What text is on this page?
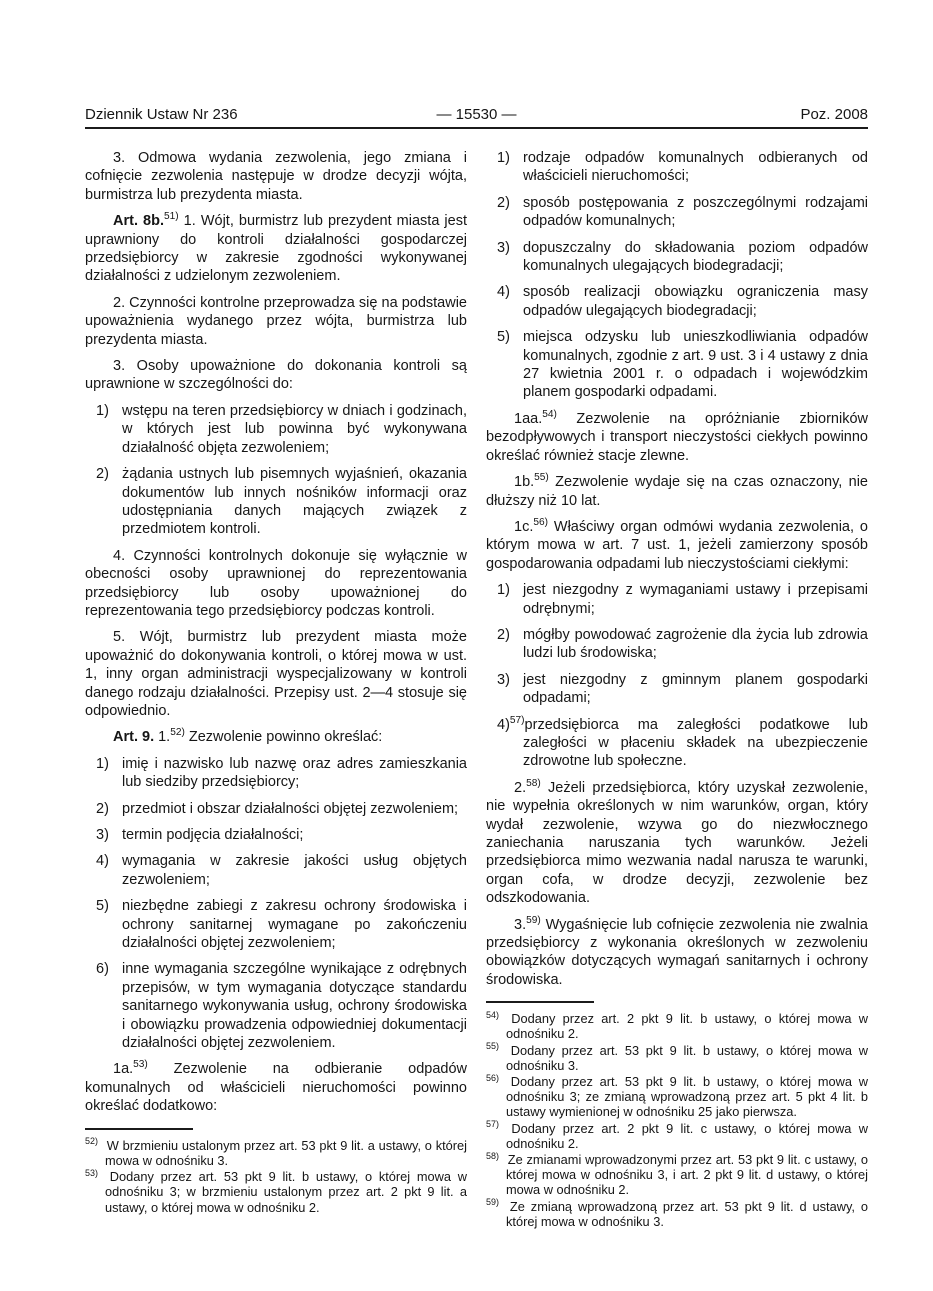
Dziennik Ustaw Nr 236	— 15530 —	Poz. 2008

3. Odmowa wydania zezwolenia, jego zmiana i cofnięcie zezwolenia następuje w drodze decyzji wójta, burmistrza lub prezydenta miasta.

Art. 8b.$^{51)}$ 1. Wójt, burmistrz lub prezydent miasta jest uprawniony do kontroli działalności gospodarczej przedsiębiorcy w zakresie zgodności wykonywanej działalności z udzielonym zezwoleniem.

2. Czynności kontrolne przeprowadza się na podstawie upoważnienia wydanego przez wójta, burmistrza lub prezydenta miasta.

3. Osoby upoważnione do dokonania kontroli są uprawnione w szczególności do:

1) wstępu na teren przedsiębiorcy w dniach i godzinach, w których jest lub powinna być wykonywana działalność objęta zezwoleniem;
2) żądania ustnych lub pisemnych wyjaśnień, okazania dokumentów lub innych nośników informacji oraz udostępniania danych mających związek z przedmiotem kontroli.

4. Czynności kontrolnych dokonuje się wyłącznie w obecności osoby uprawnionej do reprezentowania przedsiębiorcy lub osoby upoważnionej do reprezentowania tego przedsiębiorcy podczas kontroli.

5. Wójt, burmistrz lub prezydent miasta może upoważnić do dokonywania kontroli, o której mowa w ust. 1, inny organ administracji wyspecjalizowany w kontroli danego rodzaju działalności. Przepisy ust. 2—4 stosuje się odpowiednio.

Art. 9. 1.$^{52)}$ Zezwolenie powinno określać:

1) imię i nazwisko lub nazwę oraz adres zamieszkania lub siedziby przedsiębiorcy;
2) przedmiot i obszar działalności objętej zezwoleniem;
3) termin podjęcia działalności;
4) wymagania w zakresie jakości usług objętych zezwoleniem;
5) niezbędne zabiegi z zakresu ochrony środowiska i ochrony sanitarnej wymagane po zakończeniu działalności objętej zezwoleniem;
6) inne wymagania szczególne wynikające z odrębnych przepisów, w tym wymagania dotyczące standardu sanitarnego wykonywania usług, ochrony środowiska i obowiązku prowadzenia odpowiedniej dokumentacji działalności objętej zezwoleniem.

1a.$^{53)}$ Zezwolenie na odbieranie odpadów komunalnych od właścicieli nieruchomości powinno określać dodatkowo:

52) W brzmieniu ustalonym przez art. 53 pkt 9 lit. a ustawy, o której mowa w odnośniku 3.
53) Dodany przez art. 53 pkt 9 lit. b ustawy, o której mowa w odnośniku 3; w brzmieniu ustalonym przez art. 2 pkt 9 lit. a ustawy, o której mowa w odnośniku 2.
1) rodzaje odpadów komunalnych odbieranych od właścicieli nieruchomości;
2) sposób postępowania z poszczególnymi rodzajami odpadów komunalnych;
3) dopuszczalny do składowania poziom odpadów komunalnych ulegających biodegradacji;
4) sposób realizacji obowiązku ograniczenia masy odpadów ulegających biodegradacji;
5) miejsca odzysku lub unieszkodliwiania odpadów komunalnych, zgodnie z art. 9 ust. 3 i 4 ustawy z dnia 27 kwietnia 2001 r. o odpadach i wojewódzkim planem gospodarki odpadami.

1aa.$^{54)}$ Zezwolenie na opróżnianie zbiorników bezodpływowych i transport nieczystości ciekłych powinno określać również stacje zlewne.

1b.$^{55)}$ Zezwolenie wydaje się na czas oznaczony, nie dłuższy niż 10 lat.

1c.$^{56)}$ Właściwy organ odmówi wydania zezwolenia, o którym mowa w art. 7 ust. 1, jeżeli zamierzony sposób gospodarowania odpadami lub nieczystościami ciekłymi:

1) jest niezgodny z wymaganiami ustawy i przepisami odrębnymi;
2) mógłby powodować zagrożenie dla życia lub zdrowia ludzi lub środowiska;
3) jest niezgodny z gminnym planem gospodarki odpadami;
4)$^{57)}$przedsiębiorca ma zaległości podatkowe lub zaległości w płaceniu składek na ubezpieczenie zdrowotne lub społeczne.

2.$^{58)}$ Jeżeli przedsiębiorca, który uzyskał zezwolenie, nie wypełnia określonych w nim warunków, organ, który wydał zezwolenie, wzywa go do niezwłocznego zaniechania naruszania tych warunków. Jeżeli przedsiębiorca mimo wezwania nadal narusza te warunki, organ cofa, w drodze decyzji, zezwolenie bez odszkodowania.

3.$^{59)}$ Wygaśnięcie lub cofnięcie zezwolenia nie zwalnia przedsiębiorcy z wykonania określonych w zezwoleniu obowiązków dotyczących wymagań sanitarnych i ochrony środowiska.

54) Dodany przez art. 2 pkt 9 lit. b ustawy, o której mowa w odnośniku 2.
55) Dodany przez art. 53 pkt 9 lit. b ustawy, o której mowa w odnośniku 3.
56) Dodany przez art. 53 pkt 9 lit. b ustawy, o której mowa w odnośniku 3; ze zmianą wprowadzoną przez art. 5 pkt 4 lit. b ustawy wymienionej w odnośniku 25 jako pierwsza.
57) Dodany przez art. 2 pkt 9 lit. c ustawy, o której mowa w odnośniku 2.
58) Ze zmianami wprowadzonymi przez art. 53 pkt 9 lit. c ustawy, o której mowa w odnośniku 3, i art. 2 pkt 9 lit. d ustawy, o której mowa w odnośniku 2.
59) Ze zmianą wprowadzoną przez art. 53 pkt 9 lit. d ustawy, o której mowa w odnośniku 3.
